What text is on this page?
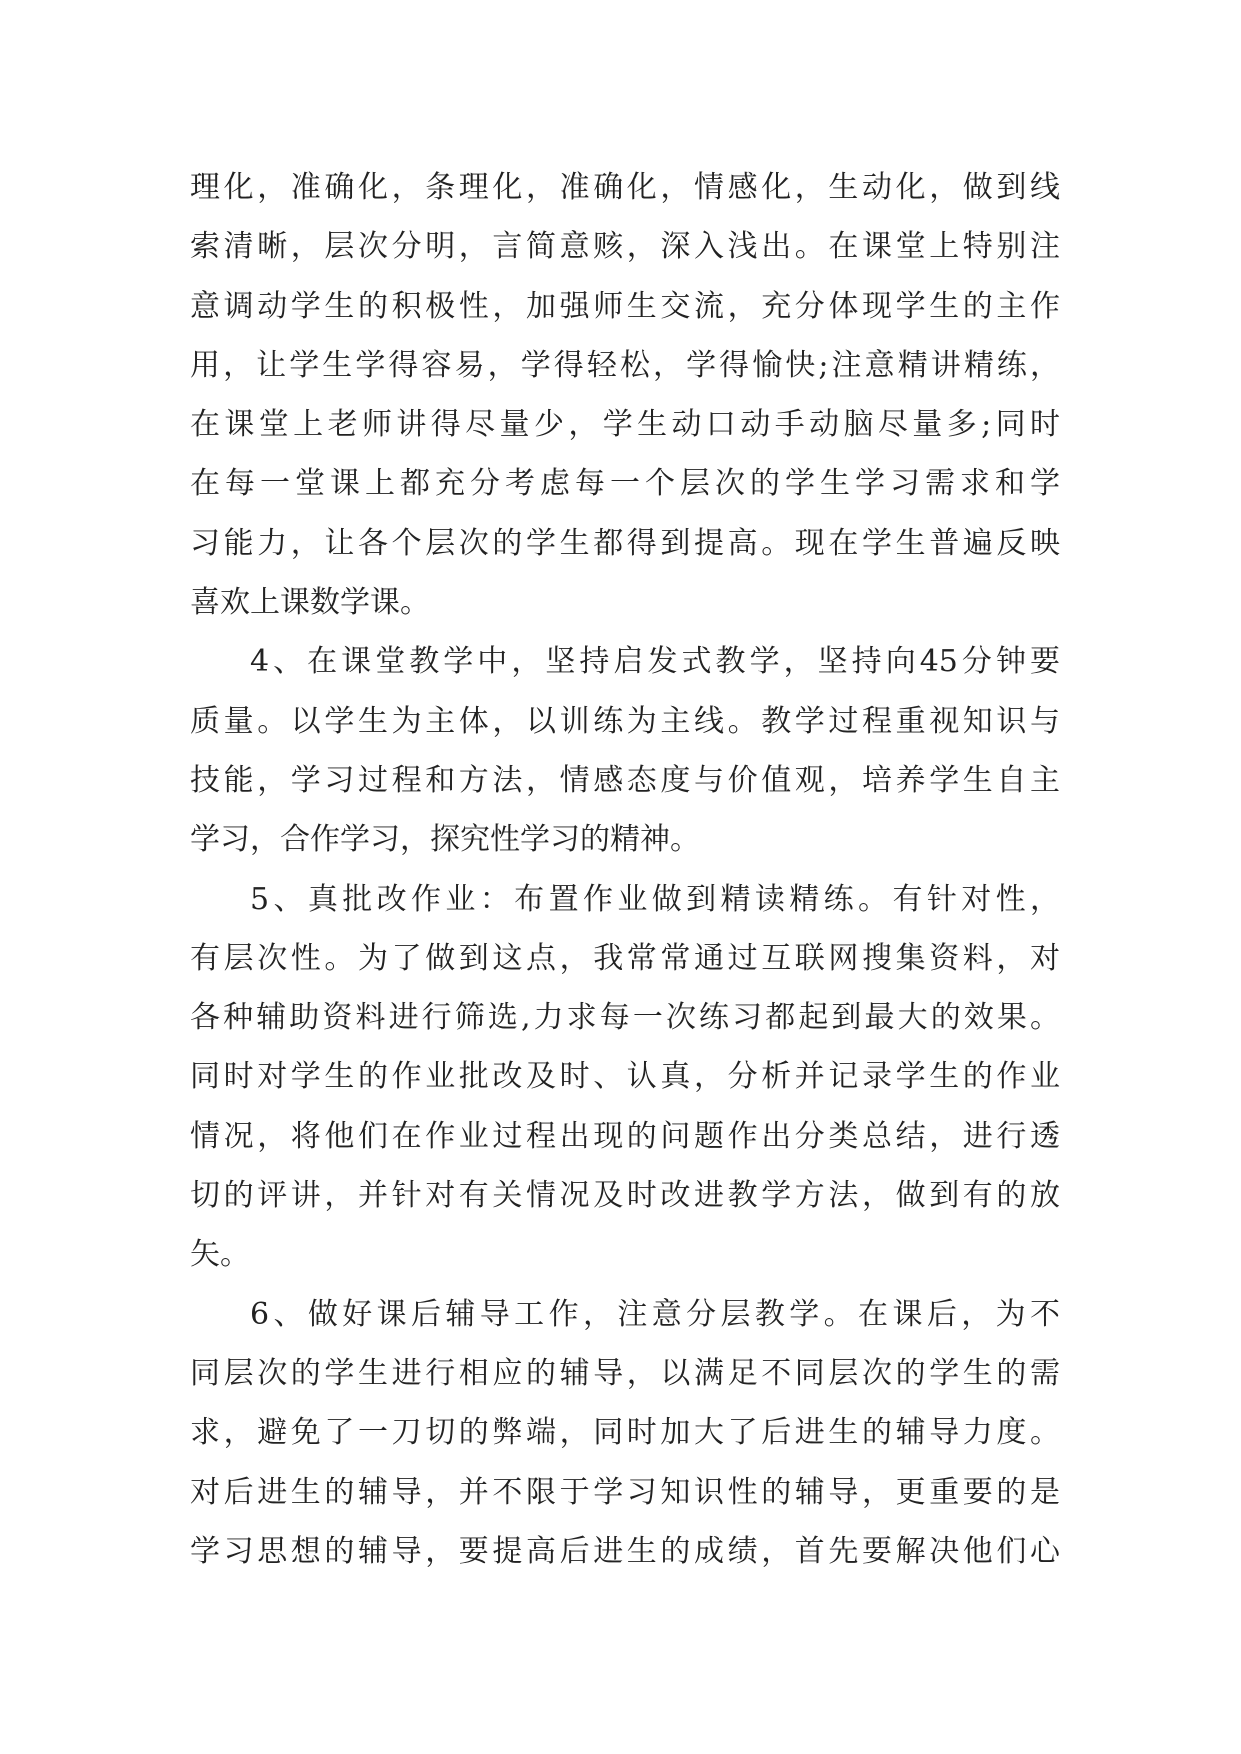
理化，准确化，条理化，准确化，情感化，生动化，做到线
索清晰，层次分明，言简意赅，深入浅出。在课堂上特别注
意调动学生的积极性，加强师生交流，充分体现学生的主作
用，让学生学得容易，学得轻松，学得愉快;注意精讲精练，
在课堂上老师讲得尽量少，学生动口动手动脑尽量多;同时
在每一堂课上都充分考虑每一个层次的学生学习需求和学
习能力，让各个层次的学生都得到提高。现在学生普遍反映
喜欢上课数学课。
4、在课堂教学中，坚持启发式教学，坚持向45分钟要
质量。以学生为主体，以训练为主线。教学过程重视知识与
技能，学习过程和方法，情感态度与价值观，培养学生自主
学习，合作学习，探究性学习的精神。
5、真批改作业：布置作业做到精读精练。有针对性，
有层次性。为了做到这点，我常常通过互联网搜集资料，对
各种辅助资料进行筛选,力求每一次练习都起到最大的效果。
同时对学生的作业批改及时、认真，分析并记录学生的作业
情况，将他们在作业过程出现的问题作出分类总结，进行透
切的评讲，并针对有关情况及时改进教学方法，做到有的放
矢。
6、做好课后辅导工作，注意分层教学。在课后，为不
同层次的学生进行相应的辅导，以满足不同层次的学生的需
求，避免了一刀切的弊端，同时加大了后进生的辅导力度。
对后进生的辅导，并不限于学习知识性的辅导，更重要的是
学习思想的辅导，要提高后进生的成绩，首先要解决他们心
